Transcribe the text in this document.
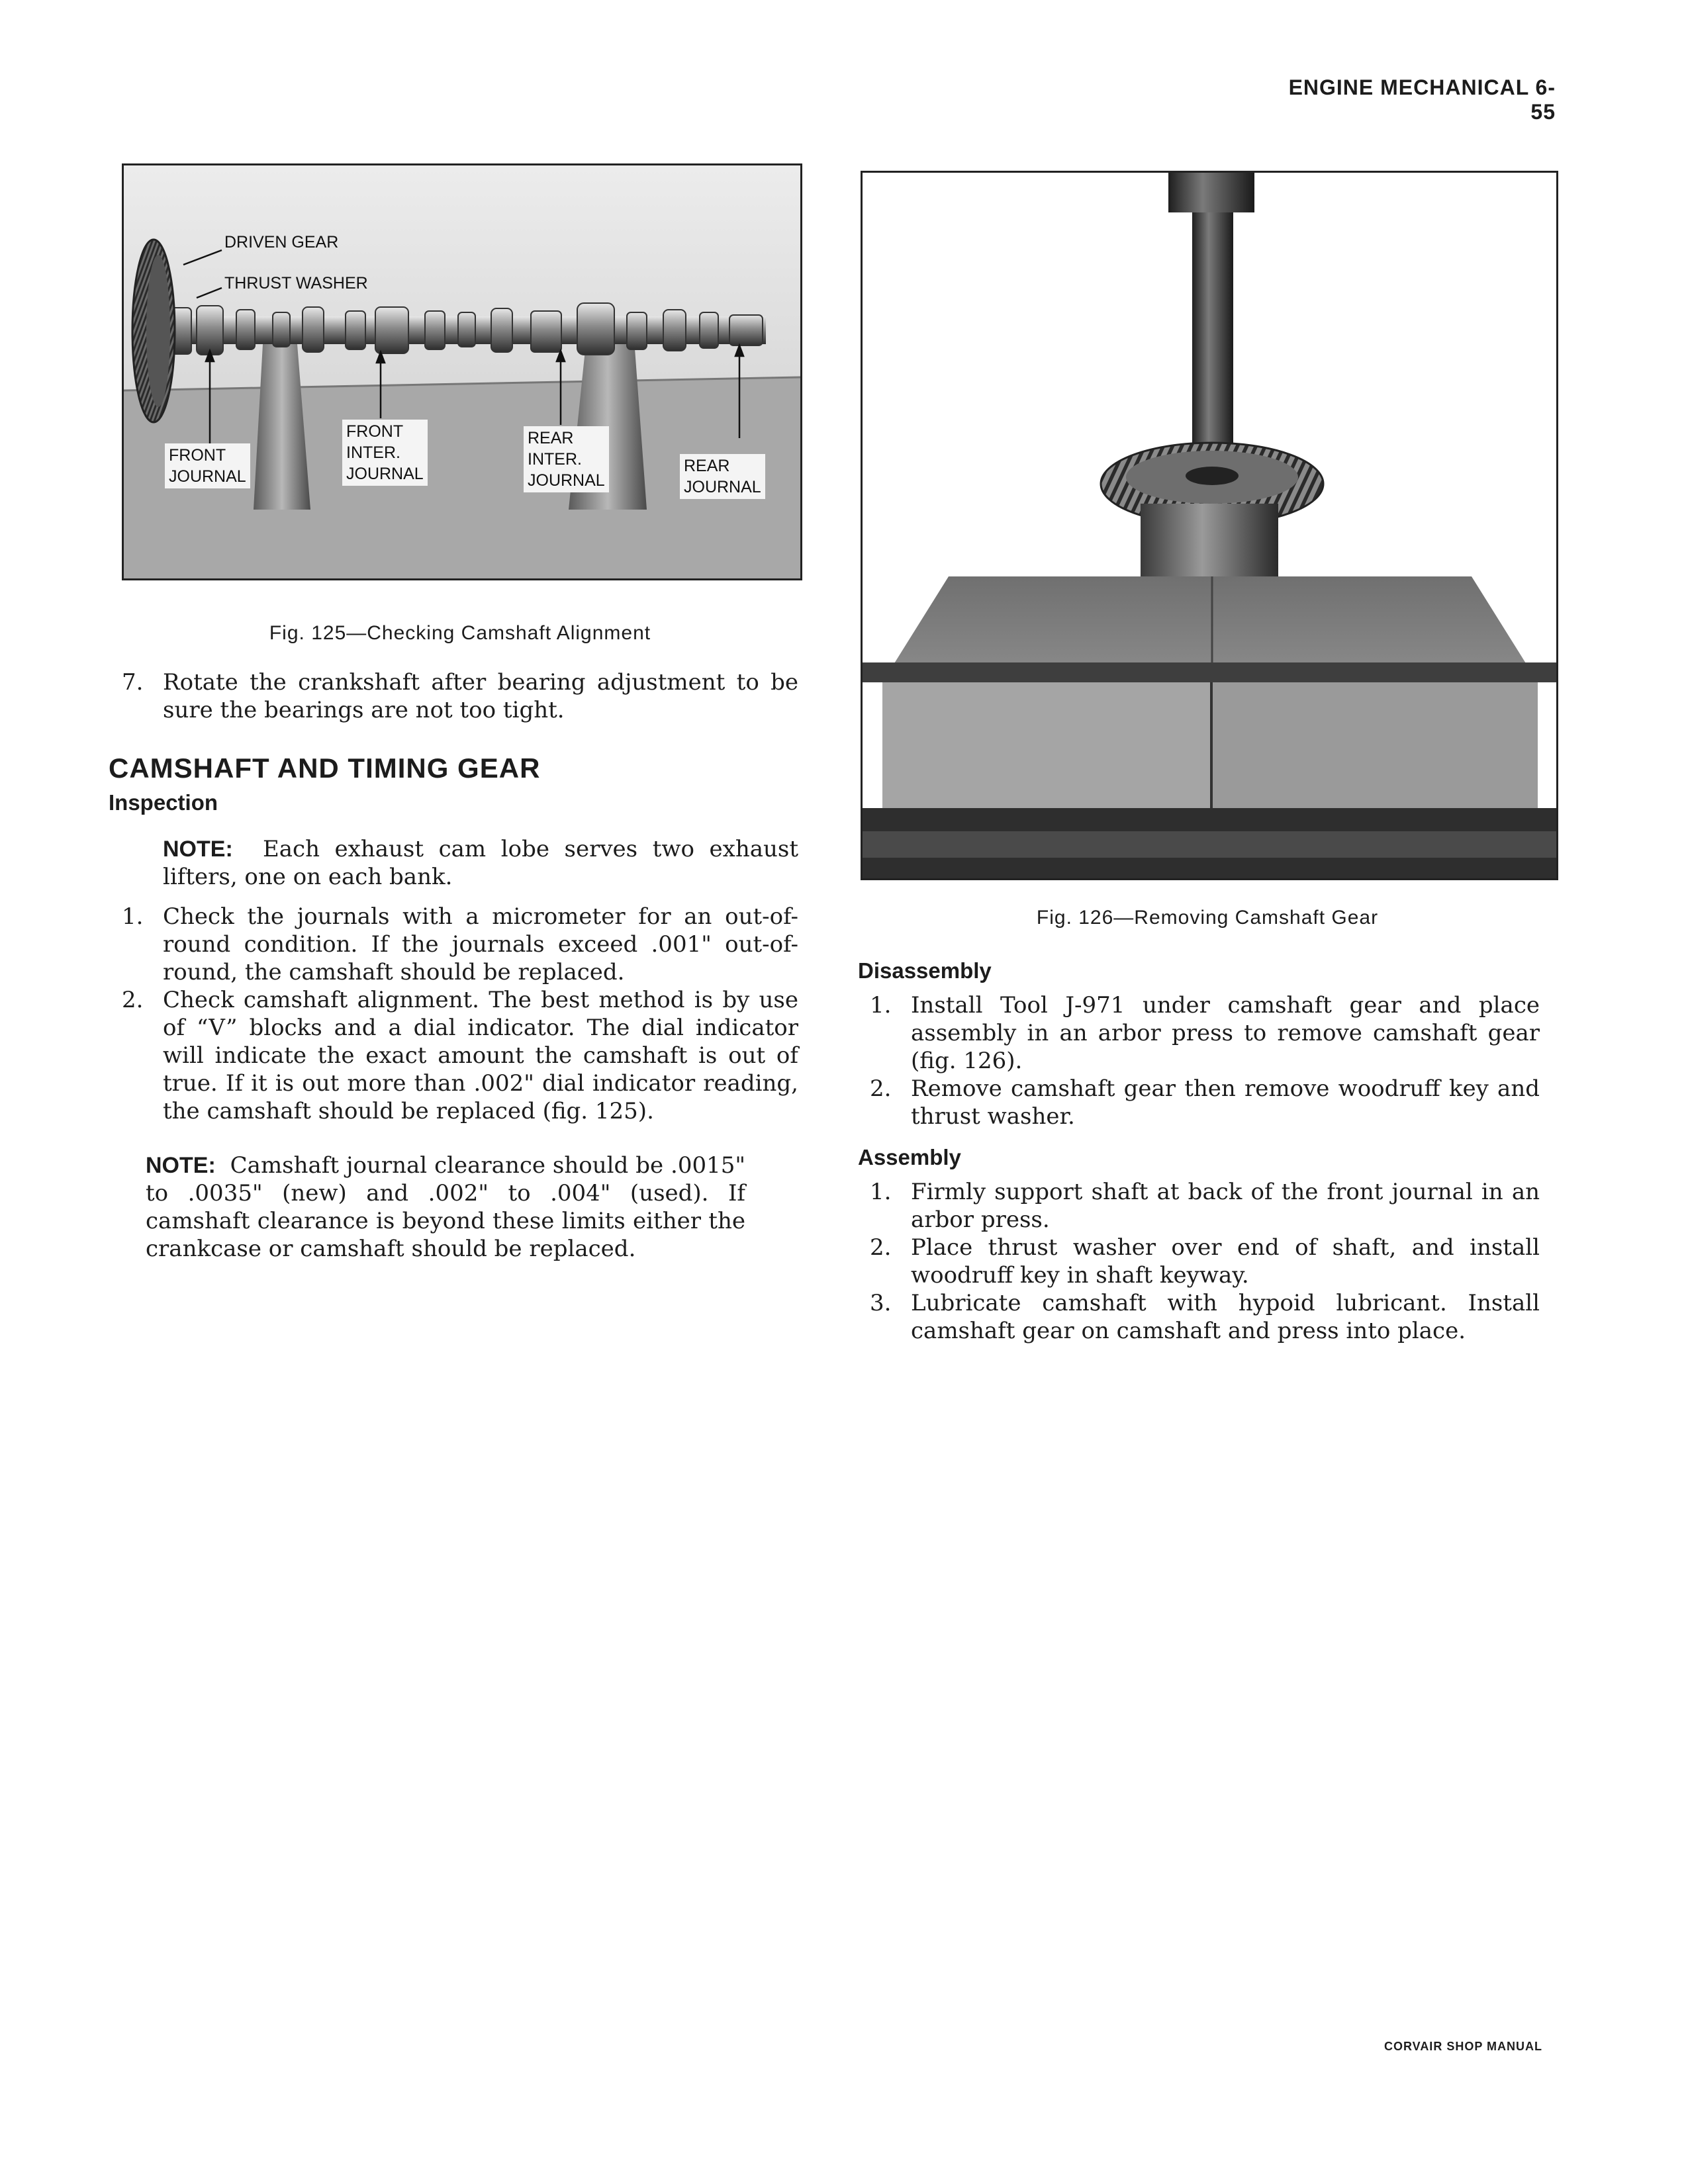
ENGINE MECHANICAL 6-55
DRIVEN GEAR
THRUST WASHER
FRONT
JOURNAL
FRONT
INTER.
JOURNAL
REAR
INTER.
JOURNAL
REAR
JOURNAL
Fig. 125—Checking Camshaft Alignment
Fig. 126—Removing Camshaft Gear
7. Rotate the crankshaft after bearing adjustment to be sure the bearings are not too tight.
CAMSHAFT AND TIMING GEAR
Inspection
NOTE: Each exhaust cam lobe serves two exhaust lifters, one on each bank.
1. Check the journals with a micrometer for an out-of-round condition. If the journals exceed .001" out-of-round, the camshaft should be replaced.
2. Check camshaft alignment. The best method is by use of “V” blocks and a dial indicator. The dial indicator will indicate the exact amount the camshaft is out of true. If it is out more than .002" dial indicator reading, the camshaft should be replaced (fig. 125).
NOTE: Camshaft journal clearance should be .0015" to .0035" (new) and .002" to .004" (used). If camshaft clearance is beyond these limits either the crankcase or camshaft should be replaced.
Disassembly
1. Install Tool J-971 under camshaft gear and place assembly in an arbor press to remove camshaft gear (fig. 126).
2. Remove camshaft gear then remove woodruff key and thrust washer.
Assembly
1. Firmly support shaft at back of the front journal in an arbor press.
2. Place thrust washer over end of shaft, and install woodruff key in shaft keyway.
3. Lubricate camshaft with hypoid lubricant. Install camshaft gear on camshaft and press into place.
CORVAIR SHOP MANUAL
